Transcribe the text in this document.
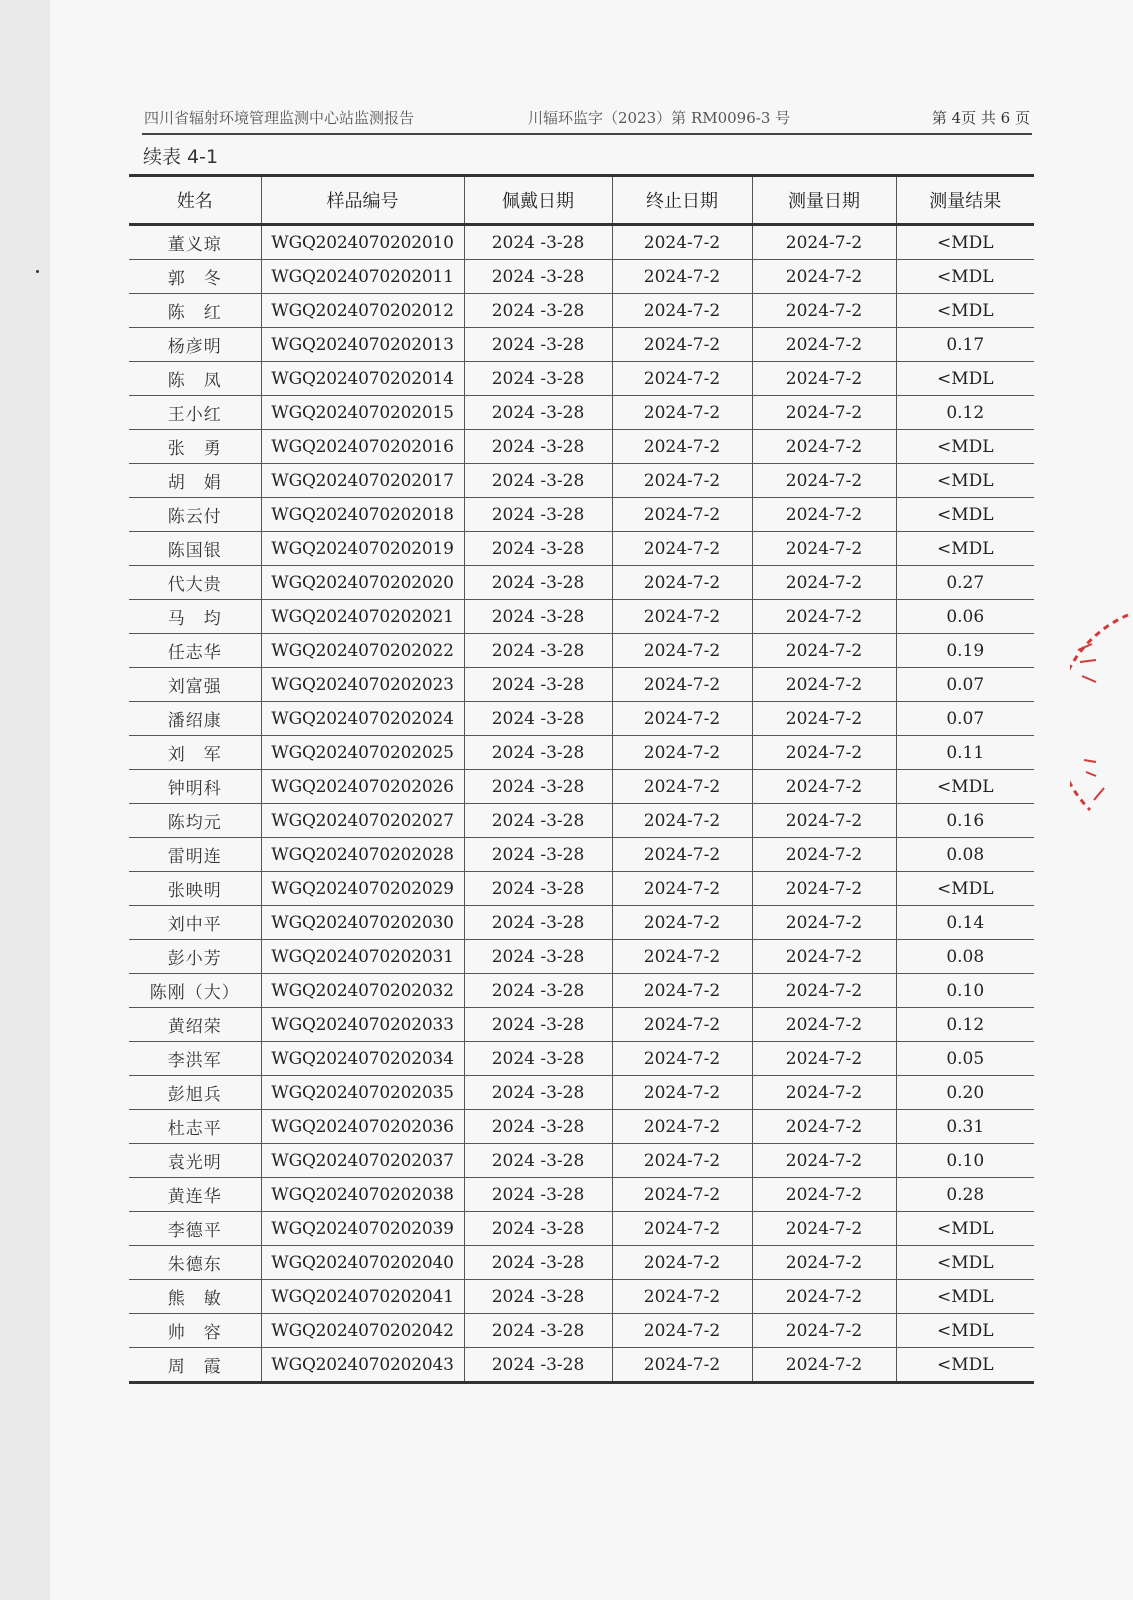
四川省辐射环境管理监测中心站监测报告	川辐环监字（2023）第 RM0096-3 号	第 4页 共 6 页
续表 4-1
姓名	样品编号	佩戴日期	终止日期	测量日期	测量结果
董义琼	WGQ2024070202010	2024 -3-28	2024-7-2	2024-7-2	<MDL
郭　冬	WGQ2024070202011	2024 -3-28	2024-7-2	2024-7-2	<MDL
陈　红	WGQ2024070202012	2024 -3-28	2024-7-2	2024-7-2	<MDL
杨彦明	WGQ2024070202013	2024 -3-28	2024-7-2	2024-7-2	0.17
陈　凤	WGQ2024070202014	2024 -3-28	2024-7-2	2024-7-2	<MDL
王小红	WGQ2024070202015	2024 -3-28	2024-7-2	2024-7-2	0.12
张　勇	WGQ2024070202016	2024 -3-28	2024-7-2	2024-7-2	<MDL
胡　娟	WGQ2024070202017	2024 -3-28	2024-7-2	2024-7-2	<MDL
陈云付	WGQ2024070202018	2024 -3-28	2024-7-2	2024-7-2	<MDL
陈国银	WGQ2024070202019	2024 -3-28	2024-7-2	2024-7-2	<MDL
代大贵	WGQ2024070202020	2024 -3-28	2024-7-2	2024-7-2	0.27
马　均	WGQ2024070202021	2024 -3-28	2024-7-2	2024-7-2	0.06
任志华	WGQ2024070202022	2024 -3-28	2024-7-2	2024-7-2	0.19
刘富强	WGQ2024070202023	2024 -3-28	2024-7-2	2024-7-2	0.07
潘绍康	WGQ2024070202024	2024 -3-28	2024-7-2	2024-7-2	0.07
刘　军	WGQ2024070202025	2024 -3-28	2024-7-2	2024-7-2	0.11
钟明科	WGQ2024070202026	2024 -3-28	2024-7-2	2024-7-2	<MDL
陈均元	WGQ2024070202027	2024 -3-28	2024-7-2	2024-7-2	0.16
雷明连	WGQ2024070202028	2024 -3-28	2024-7-2	2024-7-2	0.08
张映明	WGQ2024070202029	2024 -3-28	2024-7-2	2024-7-2	<MDL
刘中平	WGQ2024070202030	2024 -3-28	2024-7-2	2024-7-2	0.14
彭小芳	WGQ2024070202031	2024 -3-28	2024-7-2	2024-7-2	0.08
陈刚（大）	WGQ2024070202032	2024 -3-28	2024-7-2	2024-7-2	0.10
黄绍荣	WGQ2024070202033	2024 -3-28	2024-7-2	2024-7-2	0.12
李洪军	WGQ2024070202034	2024 -3-28	2024-7-2	2024-7-2	0.05
彭旭兵	WGQ2024070202035	2024 -3-28	2024-7-2	2024-7-2	0.20
杜志平	WGQ2024070202036	2024 -3-28	2024-7-2	2024-7-2	0.31
袁光明	WGQ2024070202037	2024 -3-28	2024-7-2	2024-7-2	0.10
黄连华	WGQ2024070202038	2024 -3-28	2024-7-2	2024-7-2	0.28
李德平	WGQ2024070202039	2024 -3-28	2024-7-2	2024-7-2	<MDL
朱德东	WGQ2024070202040	2024 -3-28	2024-7-2	2024-7-2	<MDL
熊　敏	WGQ2024070202041	2024 -3-28	2024-7-2	2024-7-2	<MDL
帅　容	WGQ2024070202042	2024 -3-28	2024-7-2	2024-7-2	<MDL
周　霞	WGQ2024070202043	2024 -3-28	2024-7-2	2024-7-2	<MDL
